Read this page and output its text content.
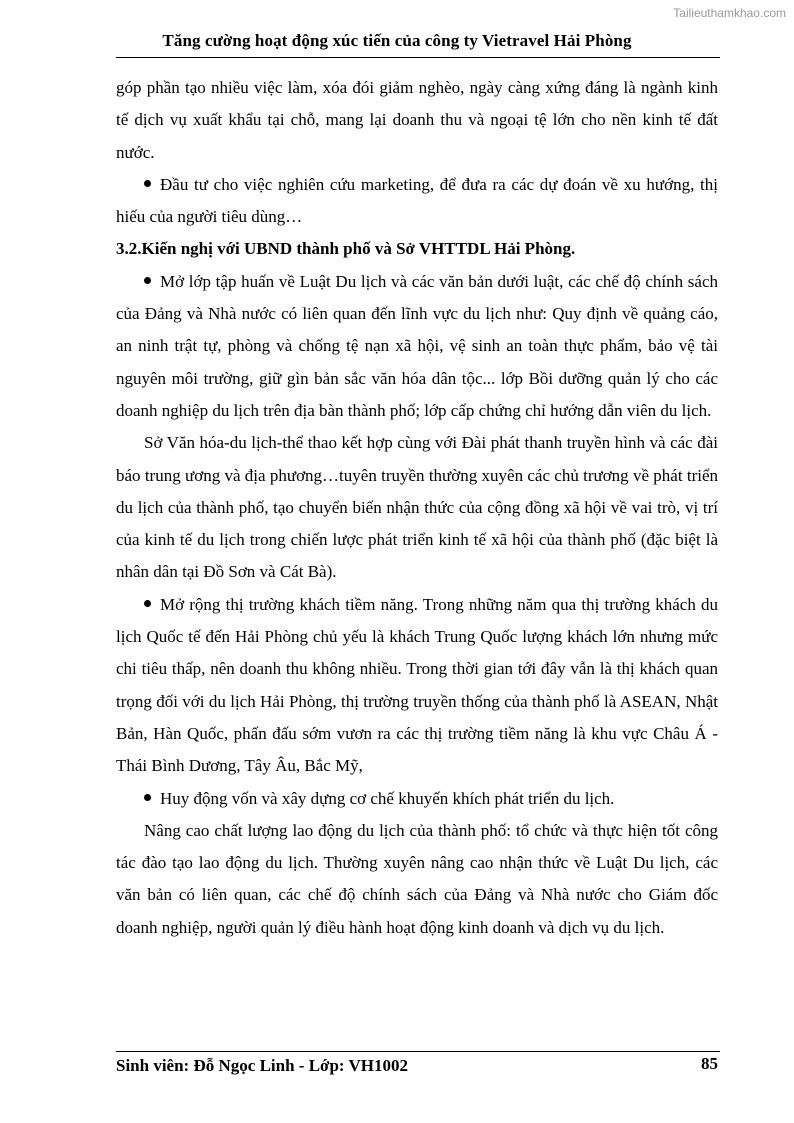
Tailieuthamkhao.com
Tăng cường hoạt động xúc tiến của công ty Vietravel Hải Phòng

góp phần tạo nhiều việc làm, xóa đói giảm nghèo, ngày càng xứng đáng là ngành kinh tế dịch vụ xuất khẩu tại chỗ, mang lại doanh thu và ngoại tệ lớn cho nền kinh tế đất nước.

Đầu tư cho việc nghiên cứu marketing, để đưa ra các dự đoán về xu hướng, thị hiếu của người tiêu dùng…

3.2.Kiến nghị với UBND thành phố và Sở VHTTDL Hải Phòng.

Mở lớp tập huấn về Luật Du lịch và các văn bản dưới luật, các chế độ chính sách của Đảng và Nhà nước có liên quan đến lĩnh vực du lịch như: Quy định về quảng cáo, an ninh trật tự, phòng và chống tệ nạn xã hội, vệ sinh an toàn thực phẩm, bảo vệ tài nguyên môi trường, giữ gìn bản sắc văn hóa dân tộc... lớp Bồi dưỡng quản lý cho các doanh nghiệp du lịch trên địa bàn thành phố; lớp cấp chứng chỉ hướng dẫn viên du lịch.

Sở Văn hóa-du lịch-thể thao kết hợp cùng với Đài phát thanh truyền hình và các đài báo trung ương và địa phương…tuyên truyền thường xuyên các chủ trương về phát triển du lịch của thành phố, tạo chuyển biến nhận thức của cộng đồng xã hội về vai trò, vị trí của kinh tế du lịch trong chiến lược phát triển kinh tế xã hội của thành phố (đặc biệt là nhân dân tại Đồ Sơn và Cát Bà).

Mở rộng thị trường khách tiềm năng. Trong những năm qua thị trường khách du lịch Quốc tế đến Hải Phòng chủ yếu là khách Trung Quốc lượng khách lớn nhưng mức chi tiêu thấp, nên doanh thu không nhiều. Trong thời gian tới đây vẫn là thị khách quan trọng đối với du lịch Hải Phòng, thị trường truyền thống của thành phố là ASEAN, Nhật Bản, Hàn Quốc, phấn đấu sớm vươn ra các thị trường tiềm năng là khu vực Châu Á - Thái Bình Dương, Tây Âu, Bắc Mỹ,

Huy động vốn và xây dựng cơ chế khuyến khích phát triển du lịch.

Nâng cao chất lượng lao động du lịch của thành phố: tổ chức và thực hiện tốt công tác đào tạo lao động du lịch. Thường xuyên nâng cao nhận thức về Luật Du lịch, các văn bản có liên quan, các chế độ chính sách của Đảng và Nhà nước cho Giám đốc doanh nghiệp, người quản lý điều hành hoạt động kinh doanh và dịch vụ du lịch.

Sinh viên: Đỗ Ngọc Linh - Lớp: VH1002	85
